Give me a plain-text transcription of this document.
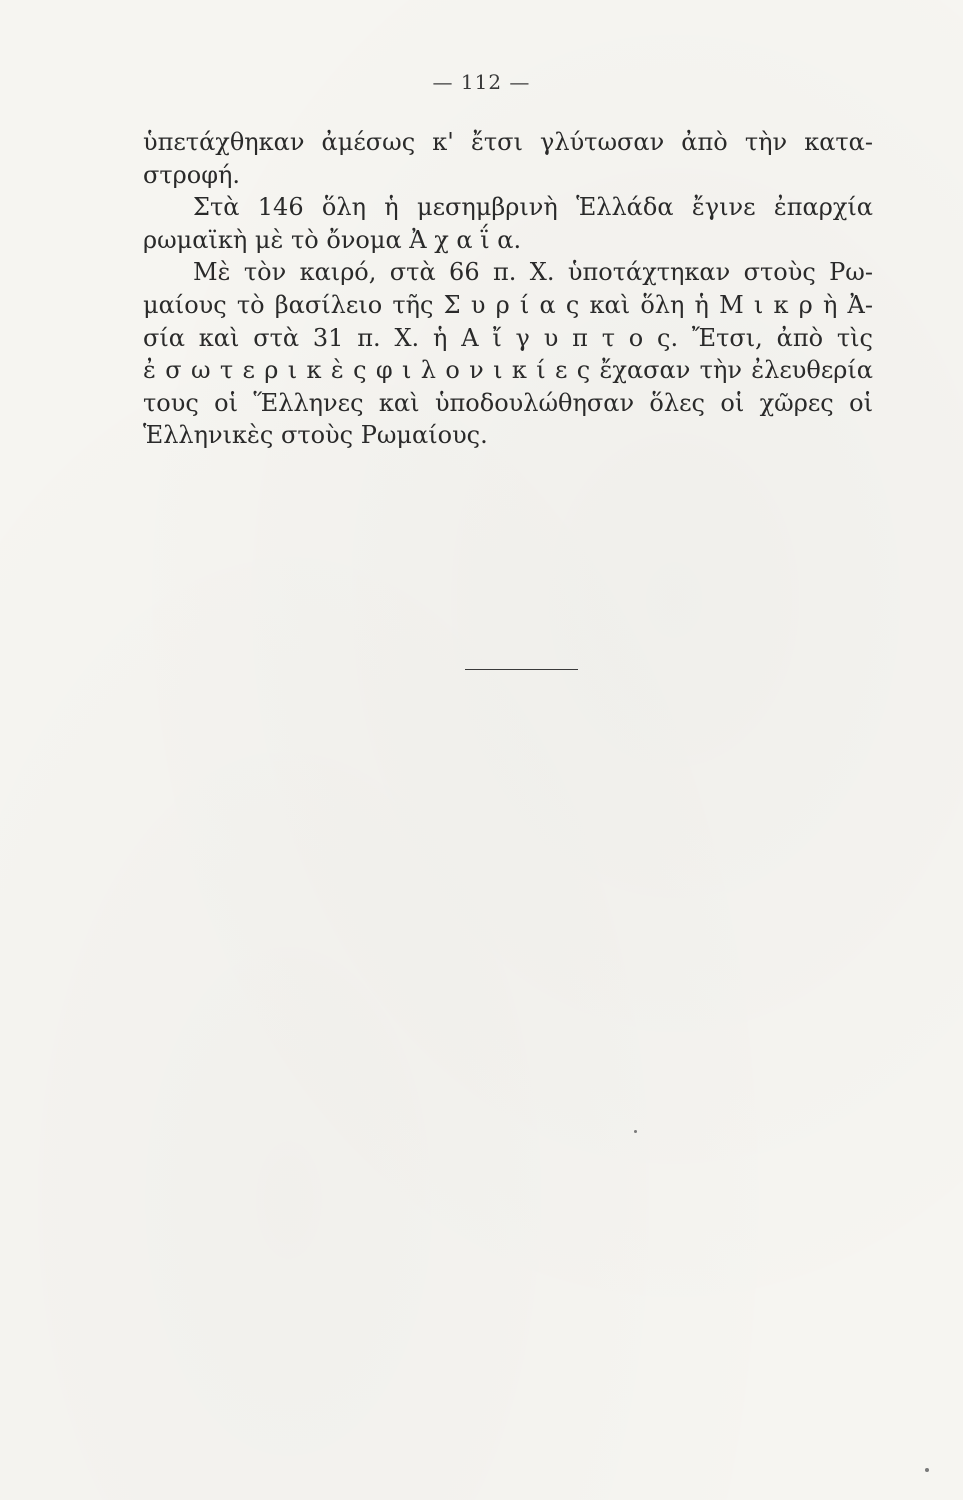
— 112 —
ὑπετάχθηκαν ἀμέσως κ' ἔτσι γλύτωσαν ἀπὸ τὴν κατα-
στροφή.
Στὰ 146 ὅλη ἡ μεσημβρινὴ Ἑλλάδα ἔγινε ἐπαρχία
ρωμαϊκὴ μὲ τὸ ὄνομα Ἀ χ α ΐ α.
Μὲ τὸν καιρό, στὰ 66 π. Χ. ὑποτάχτηκαν στοὺς Ρω-
μαίους τὸ βασίλειο τῆς Σ υ ρ ί α ς καὶ ὅλη ἡ Μ ι κ ρ ὴ Ἀ-
σία καὶ στὰ 31 π. Χ. ἡ Α ἴ γ υ π τ ο ς. Ἔτσι, ἀπὸ τὶς
ἐ σ ω τ ε ρ ι κ ὲ ς φ ι λ ο ν ι κ ί ε ς ἔχασαν τὴν ἐλευθερία
τους οἱ Ἕλληνες καὶ ὑποδουλώθησαν ὅλες οἱ χῶρες οἱ
Ἑλληνικὲς στοὺς Ρωμαίους.
